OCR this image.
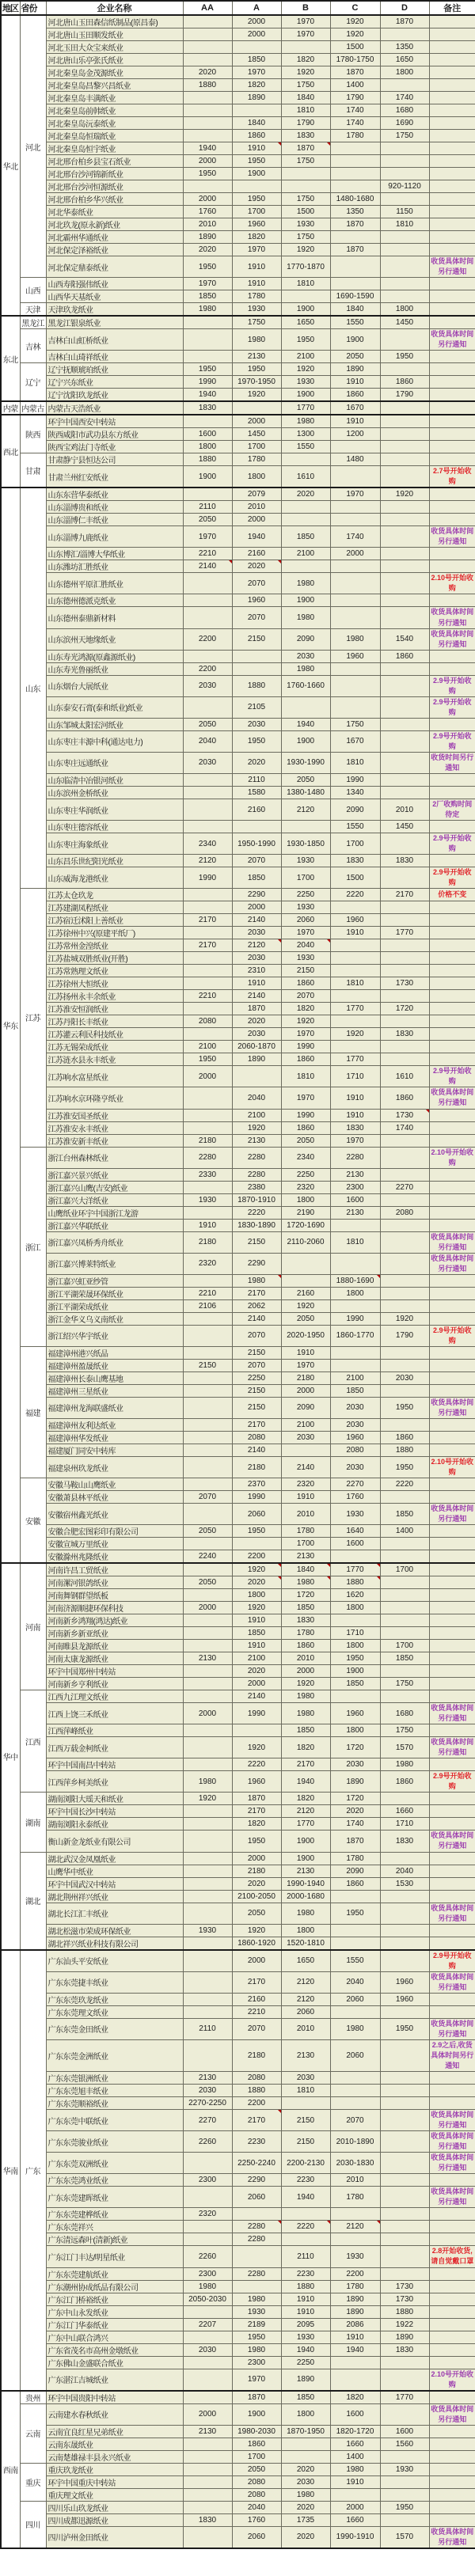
地区	省份	企业名称	AA	A	B	C	D	备注
华北	河北	河北唐山玉田森信纸制品(原昌泰)		2000	1970	1920	1870	
		河北唐山玉田顺发纸业		2000	1970	1920		
		河北玉田大众宝来纸业				1500	1350	
		河北唐山乐亭张氏纸业		1850	1820	1780-1750	1650	
		河北秦皇岛金茂源纸业	2020	1970	1920	1870	1800	
		河北秦皇岛昌黎兴昌纸业	1880	1820	1750	1400		
		河北秦皇岛丰满纸业		1890	1840	1790	1740	
		河北秦皇岛前韩纸业			1810	1740	1680	
		河北秦皇岛沅泰纸业		1840	1790	1740	1690	
		河北秦皇岛恒瑞纸业		1860	1830	1780	1750	
		河北秦皇岛恒宇纸业	1940	1910	1870			
		河北邢台柏乡县宝石纸业	2000	1950	1750			
		河北邢台沙河锦新纸业	1950	1900				
		河北邢台沙河恒源纸业					920-1120	
		河北邢台柏乡华兴纸业	2000	1950	1750	1480-1680		
		河北华泰纸业	1760	1700	1500	1350	1150	
		河北玖龙(原永新)纸业	2010	1960	1930	1870	1810	
		河北霸州华通纸业	1890	1820	1750			
		河北保定泽裕纸业	2020	1970	1920	1870		
		河北保定鼎泰纸业	1950	1910	1770-1870			收货具体时间另行通知
	山西	山西寿阳强伟纸业	1970	1910	1810			
		山西华天基纸业	1850	1780		1690-1590		
	天津	天津玖龙纸业	1980	1930	1900	1840	1800	
东北	黑龙江	黑龙江银泉纸业		1750	1650	1550	1450	
	吉林	吉林白山虹桥纸业		1980	1950	1900		收货具体时间另行通知
		吉林白山琦祥纸业		2130	2100	2050	1950	
	辽宁	辽宁抚顺琥珀纸业	1950	1950	1920	1890		
		辽宁兴东纸业	1990	1970-1950	1930	1910	1860	
		辽宁沈阳玖龙纸业	1940	1920	1900	1860	1790	
内蒙	内蒙古	内蒙古天浩纸业	1830		1770	1670		
西北	陕西	环宇中国西安中转站		2000	1980	1910		
		陕西咸阳市武功县东方纸业	1600	1450	1300	1200		
		陕西宝鸡法门寺纸业	1800	1700	1550			
	甘肃	甘肃静宁县恒达公司	1880	1780		1480		
		甘肃兰州红安纸业	1900	1800	1610			2.7号开始收购
华东	山东	山东东营华泰纸业		2079	2020	1970	1920	
		山东淄博贵和纸业	2110	2010				
		山东淄博仁丰纸业	2050	2000				
		山东淄博九鹿纸业	1970	1940	1850	1740		收货具体时间另行通知
		山东博汇/淄博大华纸业	2210	2160	2100	2000		
		山东潍坊汇胜纸业	2140	2020				
		山东德州平原汇胜纸业		2070	1980			2.10号开始收购
		山东德州德派克纸业		1960	1900			
		山东德州泰鼎新材料		2070	1980			收货具体时间另行通知
		山东滨州天地缘纸业	2200	2150	2090	1980	1540	收货具体时间另行通知
		山东寿光鸿源(原鑫源纸业)			2030	1960	1860	
		山东寿光鲁丽纸业	2200		1980			
		山东烟台大展纸业	2030	1880	1760-1660			2.9号开始收购
		山东泰安石膏(泰和纸业)纸业		2105				2.9号开始收购
		山东邹城太阳宏河纸业	2050	2030	1940	1750		
		山东枣庄丰源中科(通达电力)	2040	1950	1900	1670		2.9号开始收购
		山东枣庄远通纸业	2030	2020	1930-1990	1810		收货时间另行通知
		山东临清中冶银河纸业		2110	2050	1990		
		山东滨州金桥纸业		1580	1380-1480	1340		
		山东枣庄华润纸业		2160	2120	2090	2010	2厂收购时间待定
		山东枣庄德容纸业				1550	1450	
		山东枣庄海象纸业	2340	1950-1990	1930-1850	1700		2.9号开始收购
		山东昌乐世纪阳光纸业	2120	2070	1930	1830	1830	
		山东威海龙港纸业	1990	1850	1700	1500		2.9号开始收购
	江苏	江苏太仓玖龙		2290	2250	2220	2170	价格不变
		江苏建湖凤程纸业		2000	1930			
		江苏宿迁沭阳上善纸业	2170	2140	2060	1960		
		江苏徐州中兴(原建平纸厂)		2030	1970	1910	1770	
		江苏常州金湟纸业	2170	2120	2040			
		江苏盐城双胜纸业(开胜)		2030	1930			
		江苏常熟理文纸业		2310	2150			
		江苏徐州大恒纸业		1910	1860	1810	1730	
		江苏扬州永丰余纸业	2210	2140	2070			
		江苏淮安恒润纸业		1870	1820	1770	1720	
		江苏丹阳长丰纸业	2080	2020	1920			
		江苏灌云利民科技纸业		2030	1970	1920	1830	
		江苏无锡荣成纸业	2100	2060-1870	1990			
		江苏涟水县永丰纸业	1950	1890	1860	1770		
		江苏响水富星纸业	2000		1810	1710	1610	2.9号开始收购
		江苏响水京环隆亨纸业		2040	1970	1910	1860	收货具体时间另行通知
		江苏淮安国圣纸业		2100	1990	1910	1730	
		江苏淮安永丰纸业		1920	1860	1830	1740	
		江苏淮安新丰纸业	2180	2130	2050	1970		
	浙江	浙江台州森林纸业	2280	2280	2340	2280		2.10号开始收购
		浙江嘉兴景兴纸业	2330	2280	2250	2130		
		浙江嘉兴山鹰(吉安)纸业		2380	2320	2300	2270	
		浙江嘉兴大洋纸业	1930	1870-1910	1800	1600		
		山鹰纸业环宇中国浙江龙游		2220	2190	2130	2080	
		浙江嘉兴华联纸业	1910	1830-1890	1720-1690			
		浙江嘉兴凤桥秀舟纸业	2180	2150	2110-2060	1810		收货具体时间另行通知
		浙江嘉兴博莱特纸业	2320	2290				收货具体时间另行通知
		浙江嘉兴虹亚纱管		1980		1880-1690		
		浙江平湖荣晟环保纸业	2210	2170	2160	1800		
		浙江平湖荣成纸业	2106	2062	1920			
		浙江金华义乌义南纸业		2140	2050	1990	1920	
		浙江绍兴华宇纸业		2070	2020-1950	1860-1770	1790	2.9号开始收购
	福建	福建漳州港兴纸品		2150	1910			
		福建漳州盈晟纸业	2150	2070	1970			
		福建漳州长泰山鹰基地		2250	2180	2100	2030	
		福建漳州三星纸业		2150	2000	1850		
		福建漳州龙海联盛纸业		2150	2090	2030	1950	收货具体时间另行通知
		福建漳州友利达纸业		2170	2100	2030		
		福建漳州华发纸业		2080	2030	1960	1860	
		福建厦门同安中转库		2140		2080	1880	
		福建泉州玖龙纸业		2180	2140	2030	1950	2.10号开始收购
	安徽	安徽马鞍山山鹰纸业		2370	2320	2270	2220	
		安徽萧县林平纸业	2070	1990	1910	1760		
		安徽宿州鑫光纸业		2060	2010	1930	1850	收货具体时间另行通知
		安徽合肥宏图彩印有限公司	2050	1950	1780	1640	1400	
		安徽宣城万里纸业			1700	1600		
		安徽滁州兆隆纸业	2240	2200	2130			
华中	河南	河南许昌工贸纸业		1920	1840	1770	1700	
		河南漯河银鸽纸业	2050	2020	1980	1880		
		河南舞钢群望纸板		1800	1720	1620		
		河南济源顺捷环保科技	2000	1920	1850	1800		
		河南新乡鸿翔(鸿达)纸业		1910	1830			
		河南新乡新亚纸业		1850	1780	1710		
		河南睢县龙源纸业		1910	1860	1800	1700	
		河南太康龙源纸业	2130	2100	2010	1950	1850	
		环宇中国郑州中转站		2020	2000	1900		
		河南新乡亨利纸业		2000	1920	1850	1750	
	江西	江西九江理文纸业		2140	1980			
		江西上饶三禾纸业	2000	1990	1980	1960	1680	收货具体时间另行通知
		江西萍峰纸业			1850	1800	1750	
		江西万载金柯纸业		1920	1820	1720	1570	收货具体时间另行通知
		环宇中国南昌中转站		2220	2170	2030	1980	
		江西萍乡柯美纸业	1980	1960	1940	1890	1860	2.9号开始收购
	湖南	湖南浏阳大瑶天和纸业	1920	1870	1820	1720		
		环宇中国长沙中转站		2170	2120	2020	1660	
		湖南浏阳永泰纸业		1820	1770	1740	1710	
		衡山新金龙纸业有限公司		1950	1900	1870	1830	收货具体时间另行通知
	湖北	湖北武汉金凤凰纸业		2000	1900	1780		
		山鹰华中纸业		2180	2130	2090	2040	
		环宇中国武汉中转站		2020	1990-1940	1860	1530	
		湖北荆州祥兴纸业		2100-2050	2000-1680			
		湖北长江汇丰纸业		2050	1980	1950		收货具体时间另行通知
		湖北松滋市荣成环保纸业	1930	1920	1800			
		湖北祥兴纸业科技有限公司		1860-1920	1520-1810			
华南	广东	广东汕头平安纸业		2000	1650	1550		2.9号开始收购
		广东东莞捷丰纸业		2170	2120	2040	1960	收货具体时间另行通知
		广东东莞玖龙纸业		2160	2120	2060	1960	
		广东东莞理文纸业		2210	2060			
		广东东莞金田纸业	2110	2070	2010	1980	1950	收货具体时间另行通知
		广东东莞金洲纸业		2180	2130	2060		2.9之后,收货具体时间另行通知
		广东东莞银洲纸业	2130	2080	2030			
		广东东莞旭丰纸业	2030	1880	1810			
		广东东莞顺裕纸业	2270-2250	2200				
		广东东莞中联纸业	2270	2170	2150	2070		收货具体时间另行通知
		广东东莞骏业纸业	2260	2230	2150	2010-1890		收货具体时间另行通知
		广东东莞双洲纸业		2250-2240	2200-2130	2030-1830		收货具体时间另行通知
		广东东莞鸿业纸业	2300	2290	2230	2010		
		广东东莞建晖纸业		2060	1940	1780		收货具体时间另行通知
		广东东莞建桦纸业	2320					
		广东东莞祥兴		2280	2220	2120		
		广东清远森叶(清新)纸业		2280				
		广东江门丰达/明星纸业	2260		2110	1930		2.8开始收货,请自觉戴口罩
		广东东莞建航纸业	2300	2280	2230	2200		
		广东潮州协成纸品有限公司	1980		1880	1780	1730	
		广东江门桥裕纸业	2050-2030	1980	1910	1890	1730	
		广东中山永发纸业		1930	1910	1890	1880	
		广东江门华泰纸业	2207	2189	2095	2086	1922	
		广东中山联合鸿兴		1950	1930	1910	1890	
		广东省茂名市高州金墩纸业	2030	1980	1940	1940	1830	
		广东佛山金盛联合纸业		2300	2250			
		广东湛江吉城纸业		1970	1890			2.10号开始收购
西南	贵州	环宇中国贵阳中转站		1870	1850	1820	1770	
	云南	云南建水春秋纸业	2000	1900	1800	1600		收货具体时间另行通知
		云南宜良红星兄弟纸业	2130	1980-2030	1870-1950	1820-1720	1600	
		云南东晟纸业		1860		1660	1560	
		云南楚雄禄丰县永兴纸业		1700		1400		
	重庆	重庆玖龙纸业		2050	2020	1980	1930	
		环宇中国重庆中转站		2080	2030	1910		
		重庆理文纸业		2080	1980			
	四川	四川乐山玖龙纸业		2040	2020	2000	1950	
		四川成都迅源纸业	1830	1760	1735	1660		
		四川泸州金田纸业		2060	2020	1990-1910	1570	收货具体时间另行通知
